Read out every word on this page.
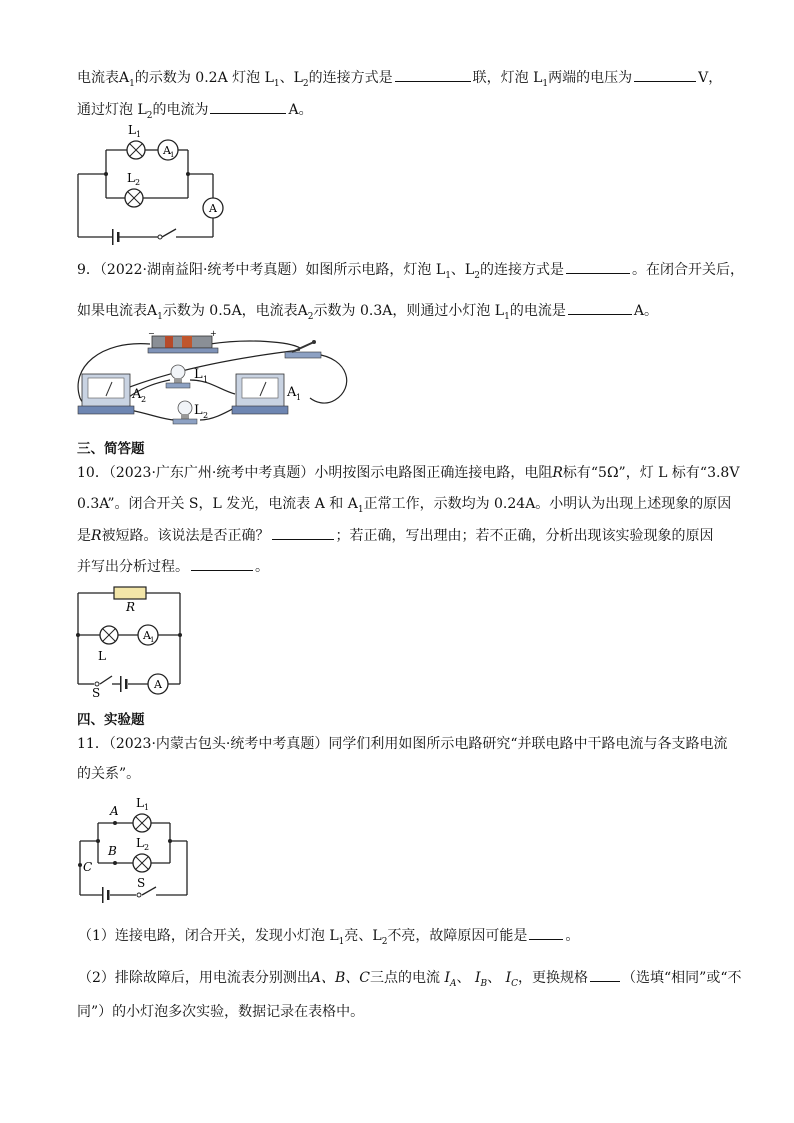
电流表$A_1$的示数为 0.2A 灯泡 $L_1$、$L_2$的连接方式是	联，灯泡 $L_1$两端的电压为	V，
通过灯泡 $L_2$的电流为	A。
A 1
A
L 1
L 2
9．（2022·湖南益阳·统考中考真题）如图所示电路，灯泡 $L_1$、$L_2$的连接方式是	。在闭合开关后，
如果电流表$A_1$示数为 0.5A，电流表$A_2$示数为 0.3A，则通过小灯泡 $L_1$的电流是	A。
−	+
L 1
L 2
A 2	A 1
三、简答题
10．（2023·广东广州·统考中考真题）小明按图示电路图正确连接电路，电阻R标有“5Ω”，灯 L 标有“3.8V
0.3A”。闭合开关 S，L 发光，电流表 A 和 $A_1$正常工作，示数均为 0.24A。小明认为出现上述现象的原因
是R被短路。该说法是否正确？	；若正确，写出理由；若不正确，分析出现该实验现象的原因
并写出分析过程。	。
R
A 1
L
S
A
四、实验题
11．（2023·内蒙古包头·统考中考真题）同学们利用如图所示电路研究“并联电路中干路电流与各支路电流
的关系”。
A
L 1
B
L 2
C
S
（1）连接电路，闭合开关，发现小灯泡 $L_1$亮、$L_2$不亮，故障原因可能是	。
（2）排除故障后，用电流表分别测出A、B、C三点的电流 $I_A$、 $I_B$、 $I_C$，更换规格 （选填“相同”或“不
同”）的小灯泡多次实验，数据记录在表格中。
